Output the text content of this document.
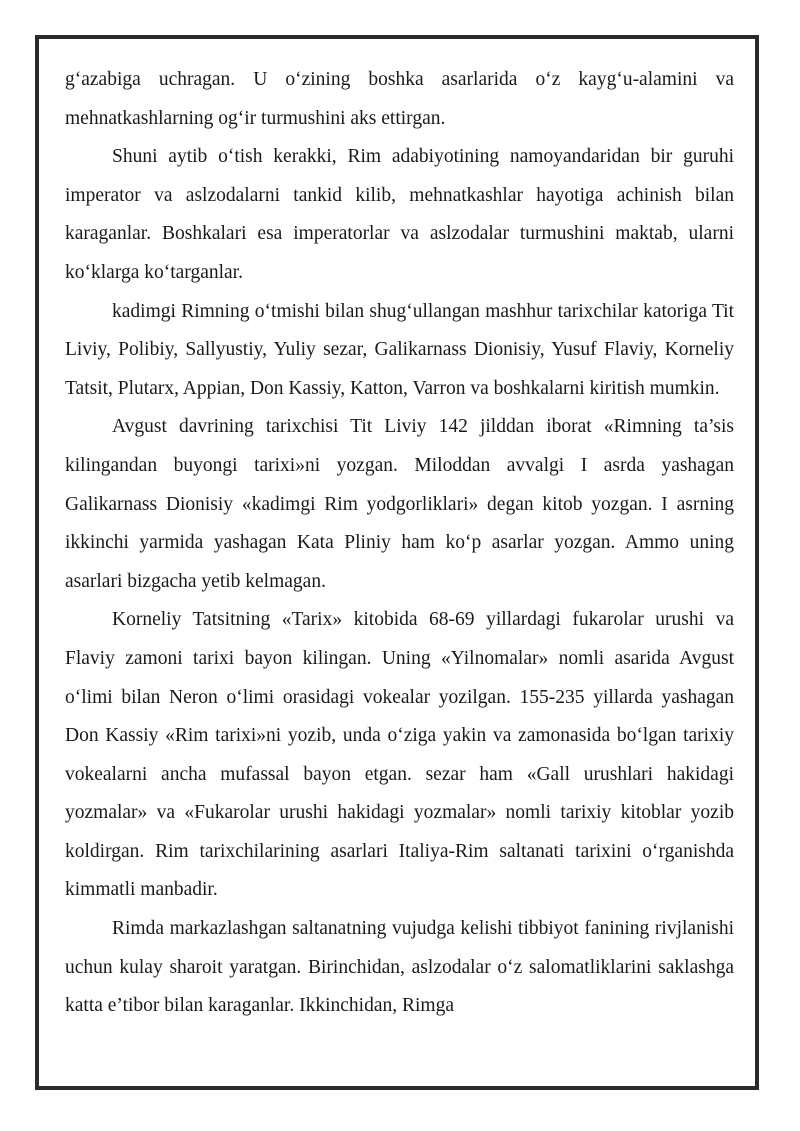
g‘azabiga uchragan. U o‘zining boshka asarlarida o‘z kayg‘u-alamini va mehnatkashlarning og‘ir turmushini aks ettirgan.

Shuni aytib o‘tish kerakki, Rim adabiyotining namoyandaridan bir guruhi imperator va aslzodalarni tankid kilib, mehnatkashlar hayotiga achinish bilan karaganlar. Boshkalari esa imperatorlar va aslzodalar turmushini maktab, ularni ko‘klarga ko‘targanlar.

kadimgi Rimning o‘tmishi bilan shug‘ullangan mashhur tarixchilar katoriga Tit Liviy, Polibiy, Sallyustiy, Yuliy sezar, Galikarnass Dionisiy, Yusuf Flaviy, Korneliy Tatsit, Plutarx, Appian, Don Kassiy, Katton, Varron va boshkalarni kiritish mumkin.

Avgust davrining tarixchisi Tit Liviy 142 jilddan iborat «Rimning ta’sis kilingandan buyongi tarixi»ni yozgan. Miloddan avvalgi I asrda yashagan Galikarnass Dionisiy «kadimgi Rim yodgorliklari» degan kitob yozgan. I asrning ikkinchi yarmida yashagan Kata Pliniy ham ko‘p asarlar yozgan. Ammo uning asarlari bizgacha yetib kelmagan.

Korneliy Tatsitning «Tarix» kitobida 68-69 yillardagi fukarolar urushi va Flaviy zamoni tarixi bayon kilingan. Uning «Yilnomalar» nomli asarida Avgust o‘limi bilan Neron o‘limi orasidagi vokealar yozilgan. 155-235 yillarda yashagan Don Kassiy «Rim tarixi»ni yozib, unda o‘ziga yakin va zamonasida bo‘lgan tarixiy vokealarni ancha mufassal bayon etgan. sezar ham «Gall urushlari hakidagi yozmalar» va «Fukarolar urushi hakidagi yozmalar» nomli tarixiy kitoblar yozib koldirgan. Rim tarixchilarining asarlari Italiya-Rim saltanati tarixini o‘rganishda kimmatli manbadir.

Rimda markazlashgan saltanatning vujudga kelishi tibbiyot fanining rivjlanishi uchun kulay sharoit yaratgan. Birinchidan, aslzodalar o‘z salomatliklarini saklashga katta e’tibor bilan karaganlar. Ikkinchidan, Rimga
